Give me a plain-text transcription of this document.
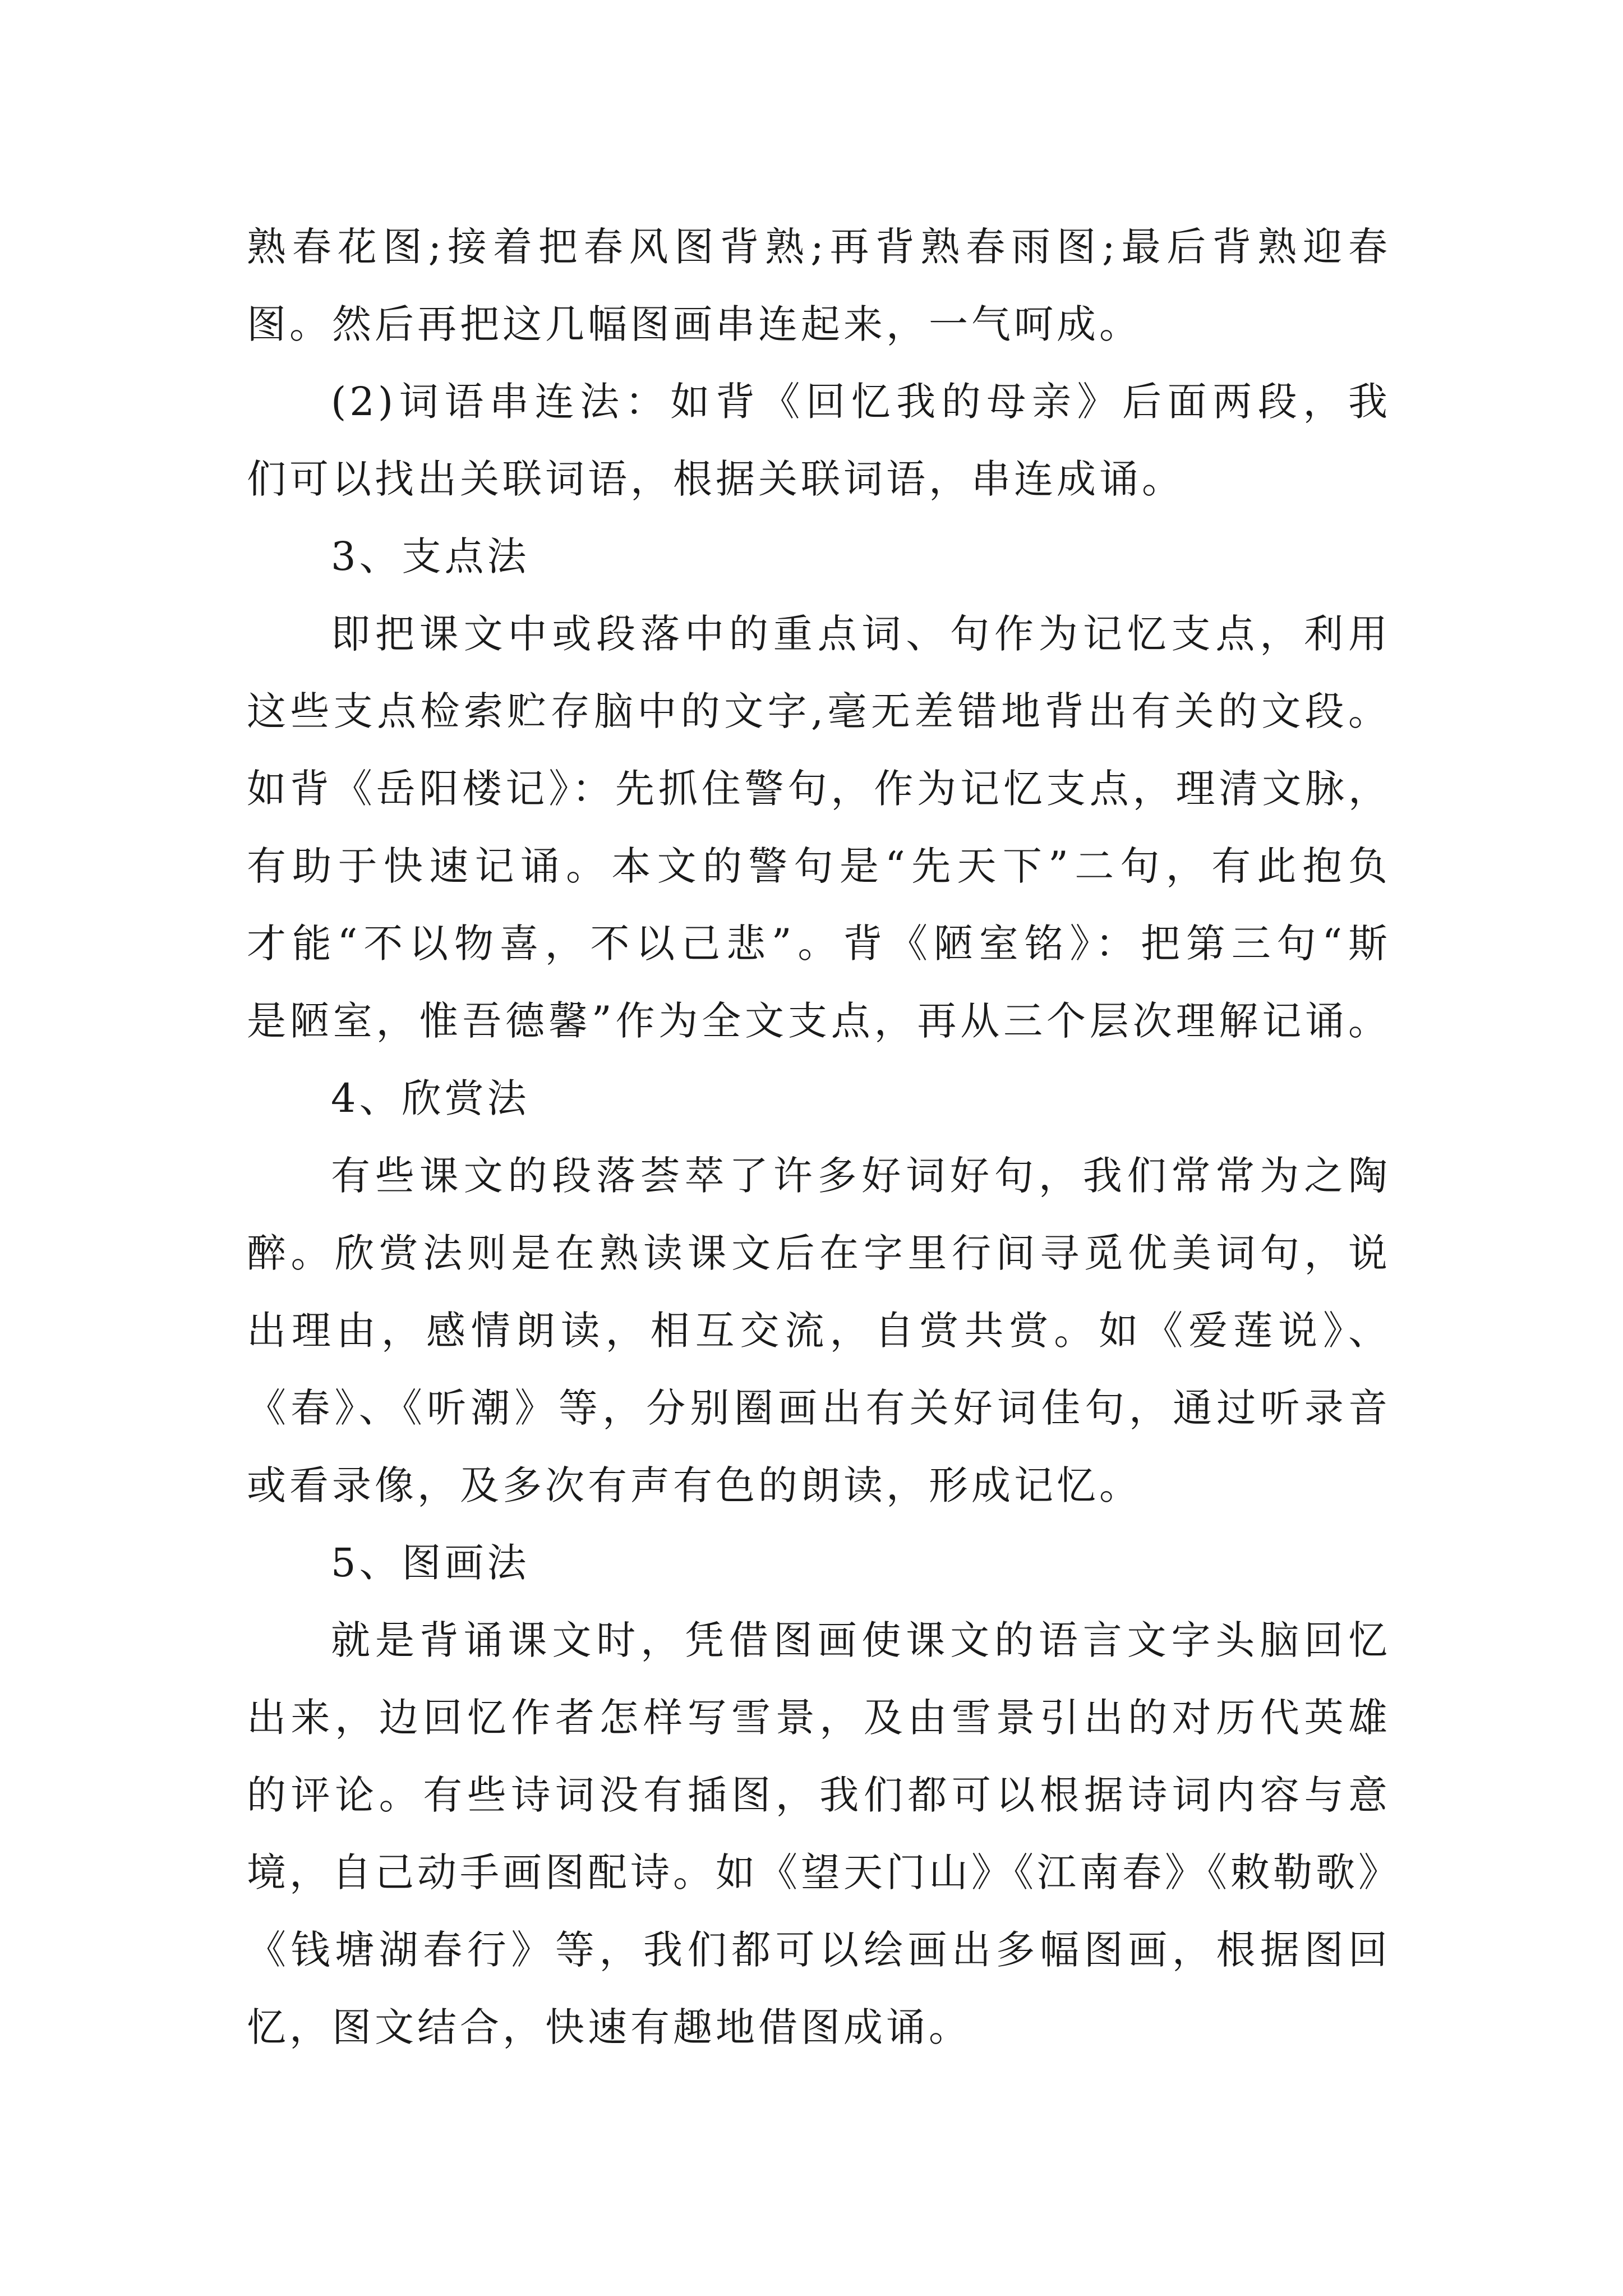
熟春花图;接着把春风图背熟;再背熟春雨图;最后背熟迎春
图。然后再把这几幅图画串连起来，一气呵成。
(2)词语串连法：如背《回忆我的母亲》后面两段，我
们可以找出关联词语，根据关联词语，串连成诵。
3、支点法
即把课文中或段落中的重点词、句作为记忆支点，利用
这些支点检索贮存脑中的文字,毫无差错地背出有关的文段。
如背《岳阳楼记》：先抓住警句，作为记忆支点，理清文脉，
有助于快速记诵。本文的警句是“先天下”二句，有此抱负
才能“不以物喜，不以己悲”。背《陋室铭》：把第三句“斯
是陋室，惟吾德馨”作为全文支点，再从三个层次理解记诵。
4、欣赏法
有些课文的段落荟萃了许多好词好句，我们常常为之陶
醉。欣赏法则是在熟读课文后在字里行间寻觅优美词句，说
出理由，感情朗读，相互交流，自赏共赏。如《爱莲说》、
《春》、《听潮》等，分别圈画出有关好词佳句，通过听录音
或看录像，及多次有声有色的朗读，形成记忆。
5、图画法
就是背诵课文时，凭借图画使课文的语言文字头脑回忆
出来，边回忆作者怎样写雪景，及由雪景引出的对历代英雄
的评论。有些诗词没有插图，我们都可以根据诗词内容与意
境，自己动手画图配诗。如《望天门山》《江南春》《敕勒歌》
《钱塘湖春行》等，我们都可以绘画出多幅图画，根据图回
忆，图文结合，快速有趣地借图成诵。
